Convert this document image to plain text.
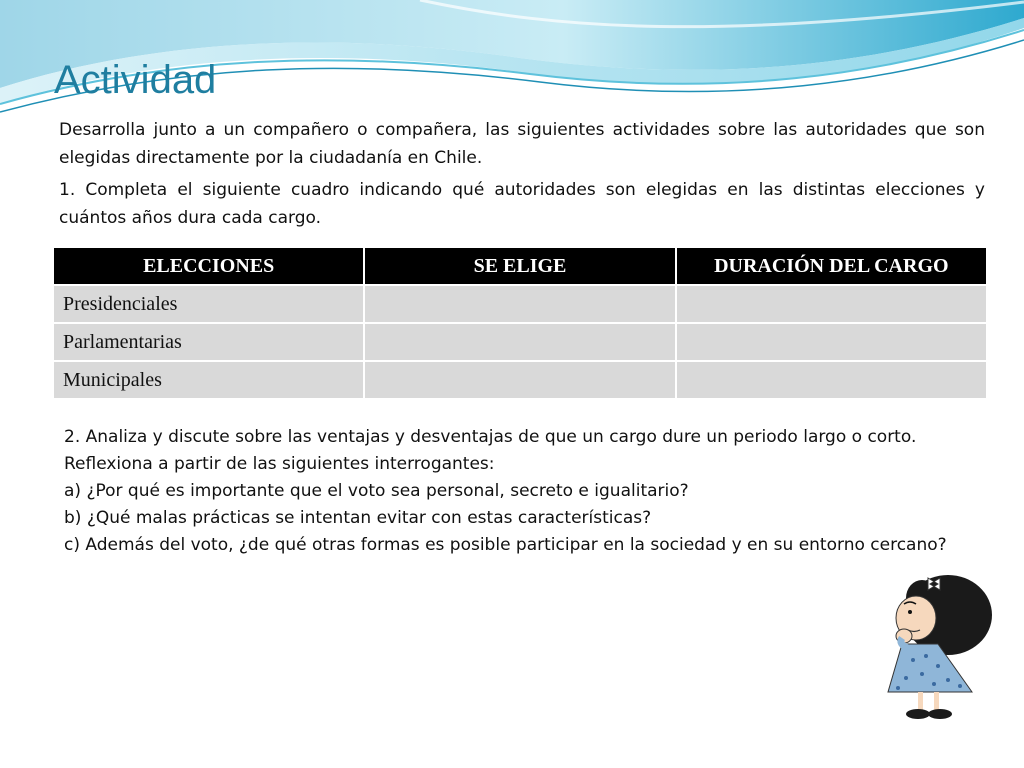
Actividad

Desarrolla junto a un compañero o compañera, las siguientes actividades sobre las autoridades que son elegidas directamente por la ciudadanía en Chile.

1. Completa el siguiente cuadro indicando qué autoridades son elegidas en las distintas elecciones y cuántos años dura cada cargo.

ELECCIONES	SE ELIGE	DURACIÓN DEL CARGO
Presidenciales		
Parlamentarias		
Municipales		

2. Analiza y discute sobre las ventajas y desventajas de que un cargo dure un periodo largo o corto.

Reflexiona a partir de las siguientes interrogantes:

a) ¿Por qué es importante que el voto sea personal, secreto e igualitario?

b) ¿Qué malas prácticas se intentan evitar con estas características?

c) Además del voto, ¿de qué otras formas es posible participar en la sociedad y en su entorno cercano?
